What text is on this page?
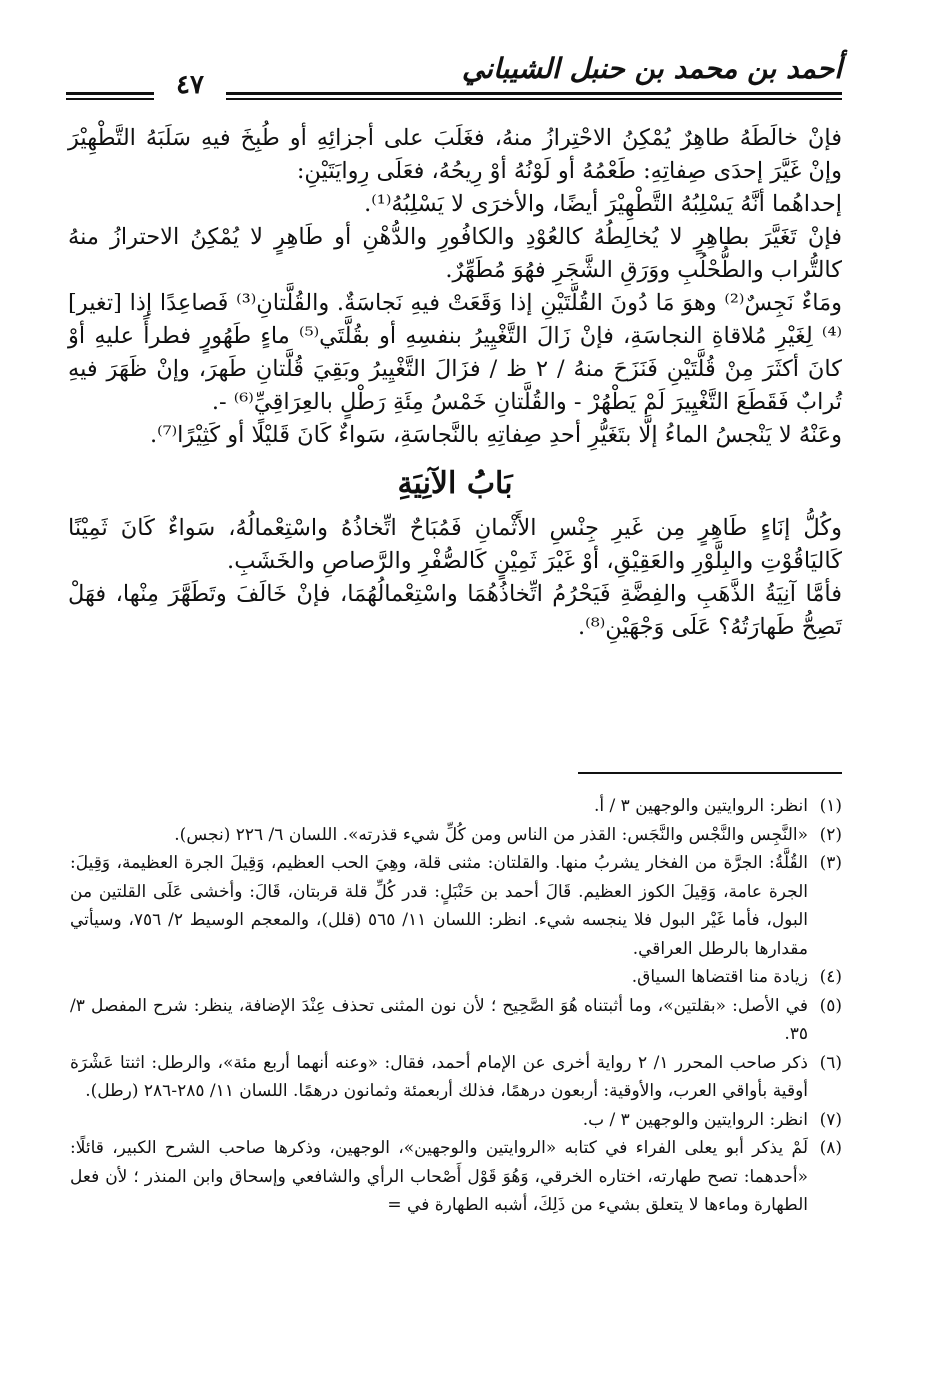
أحمد بن محمد بن حنبل الشيباني
٤٧

فإنْ خالَطَهُ طاهِرٌ يُمْكِنُ الاحْتِرازُ منهُ، فغَلَبَ على أجزائِهِ أو طُبِخَ فيهِ سَلَبَهُ التَّطْهِيْرَ وإنْ غَيَّرَ إحدَى صِفاتِهِ: طَعْمُهُ أو لَوْنُهُ أوْ رِيحُهُ، فعَلَى رِوايَتَيْنِ:

إحداهُما أنَّهُ يَسْلِبُهُ التَّطْهِيْرَ أيضًا، والأخرَى لا يَسْلِبُهُ⁽¹⁾.

فإنْ تَغَيَّرَ بطاهِرٍ لا يُخالِطُهُ كالعُوْدِ والكافُورِ والدُّهْنِ أو طَاهِرٍ لا يُمْكِنُ الاحترازُ منهُ كالتُّراب والطُّحْلُبِ ووَرَقِ الشَّجَرِ فهُوَ مُطَهِّرٌ.

ومَاءٌ نَجِسٌ⁽²⁾ وهوَ مَا دُونَ القُلَّتَيْنِ إذا وَقَعَتْ فيهِ نَجاسَةٌ. والقُلَّتانِ⁽³⁾ فَصاعِدًا إذا [تغير]⁽⁴⁾ لِغَيْرِ مُلاقاةِ النجاسَةِ، فإنْ زَالَ التَّغْيِيرُ بنفسِهِ أو بقُلَّتَي⁽⁵⁾ ماءٍ طَهُورٍ فطرأً عليهِ أوْ كانَ أكثَرَ مِنْ قُلَّتَيْنِ فَنَزَحَ منهُ / ٢ ظ / فزَالَ التَّغْيِيرُ وبَقِيَ قُلَّتانِ طَهرَ، وإنْ ظَهَرَ فيهِ تُرابٌ فَقَطَعَ التَّغْيِيرَ لَمْ يَطْهُرْ - والقُلَّتانِ خَمْسُ مِئَةِ رَطْلٍ بالعِرَاقِيِّ⁽⁶⁾ -.

وعَنْهُ لا يَنْجسُ الماءُ إلَّا بتَغَيُّرِ أحدِ صِفاتِهِ بالنَّجاسَةِ، سَواءٌ كَانَ قَليْلًا أو كَثِيْرًا⁽⁷⁾.

بَابُ الآنِيَةِ

وكُلُّ إنَاءٍ طَاهِرٍ مِن غَيرِ جِنْسِ الأَثْمانِ فَمُبَاحٌ اتِّخاذُهُ واسْتِعْمالُهُ، سَواءٌ كَانَ ثَمِيْنًا كَاليَاقُوْتِ والبِلَّوْرِ والعَقِيْقِ، أوْ غَيْرَ ثَمِيْنٍ كَالصُّفْرِ والرَّصاصِ والخَشَبِ.

فأمَّا آنِيَةُ الذَّهَبِ والفِضَّةِ فَيَحْرُمُ اتِّخاذُهُمَا واسْتِعْمالُهُمَا، فإنْ خَالَفَ وتَطَهَّرَ مِنْها، فهَلْ تَصِحُّ طَهارَتُهُ؟ عَلَى وَجْهَيْنِ⁽⁸⁾.

(١)
انظر: الروايتين والوجهين ٣ / أ.

(٢)
«النَّجِس والنَّجْس والنَّجَس: القذر من الناس ومن كُلِّ شيء قذرته». اللسان ٦/ ٢٢٦ (نجس).

(٣)
القُلَّةُ: الجرَّة من الفخار يشربُ منها. والقلتان: مثنى قلة، وهِيَ الحب العظيم، وَقِيلَ الجرة العظيمة، وَقِيلَ: الجرة عامة، وَقِيلَ الكوز العظيم. قَالَ أحمد بن حَنْبَلٍ: قدر كُلِّ قلة قربتان، قَالَ: وأخشى عَلَى القلتين من البول، فأما غَيْر البول فلا ينجسه شيء. انظر: اللسان ١١/ ٥٦٥ (قلل)، والمعجم الوسيط ٢/ ٧٥٦، وسيأتي مقدارها بالرطل العراقي.

(٤)
زيادة منا اقتضاها السياق.

(٥)
في الأصل: «بقلتين»، وما أثبتناه هُوَ الصَّحِيح ؛ لأن نون المثنى تحذف عِنْدَ الإضافة، ينظر: شرح المفصل ٣/ ٣٥.

(٦)
ذكر صاحب المحرر ١/ ٢ رواية أخرى عن الإمام أحمد، فقال: «وعنه أنهما أربع مئة»، والرطل: اثنتا عَشْرَة أوقية بأواقي العرب، والأوقية: أربعون درهمًا، فذلك أربعمئة وثمانون درهمًا. اللسان ١١/ ٢٨٥-٢٨٦ (رطل).

(٧)
انظر: الروايتين والوجهين ٣ / ب.

(٨)
لَمْ يذكر أبو يعلى الفراء في كتابه «الروايتين والوجهين»، الوجهين، وذكرها صاحب الشرح الكبير، قائلًا: «أحدهما: تصح طهارته، اختاره الخرقي، وَهُوَ قَوْل أَصْحاب الرأي والشافعي وإسحاق وابن المنذر ؛ لأن فعل الطهارة وماءها لا يتعلق بشيء من ذَلِكَ، أشبه الطهارة في =
